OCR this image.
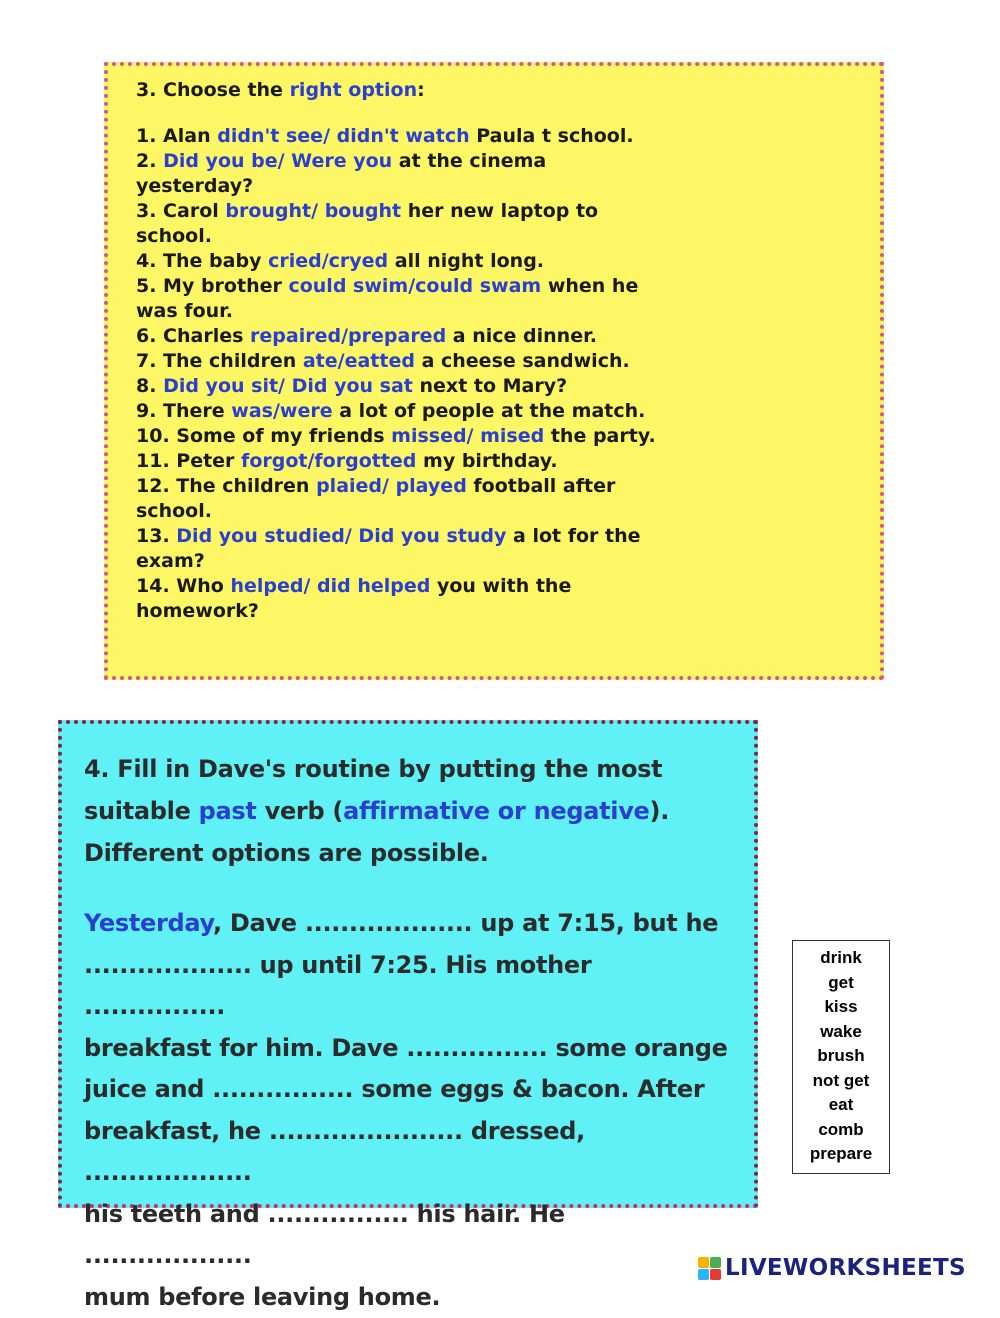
3. Choose the right option:
1. Alan didn't see/ didn't watch Paula t school.
2. Did you be/ Were you at the cinema
yesterday?
3. Carol brought/ bought her new laptop to
school.
4. The baby cried/cryed all night long.
5. My brother could swim/could swam when he
was four.
6. Charles repaired/prepared a nice dinner.
7. The children ate/eatted a cheese sandwich.
8. Did you sit/ Did you sat next to Mary?
9. There was/were a lot of people at the match.
10. Some of my friends missed/ mised the party.
11. Peter forgot/forgotted my birthday.
12. The children plaied/ played football after
school.
13. Did you studied/ Did you study a lot for the
exam?
14. Who helped/ did helped you with the
homework?
4. Fill in Dave's routine by putting the most
suitable past verb (affirmative or negative).
Different options are possible.
Yesterday, Dave ................... up at 7:15, but he
................... up until 7:25. His mother ................
breakfast for him. Dave ................ some orange
juice and ................ some eggs & bacon. After
breakfast, he ...................... dressed, ...................
his teeth and ................ his hair. He ...................
mum before leaving home.
drink
get
kiss
wake
brush
not get
eat
comb
prepare
LIVEWORKSHEETS
